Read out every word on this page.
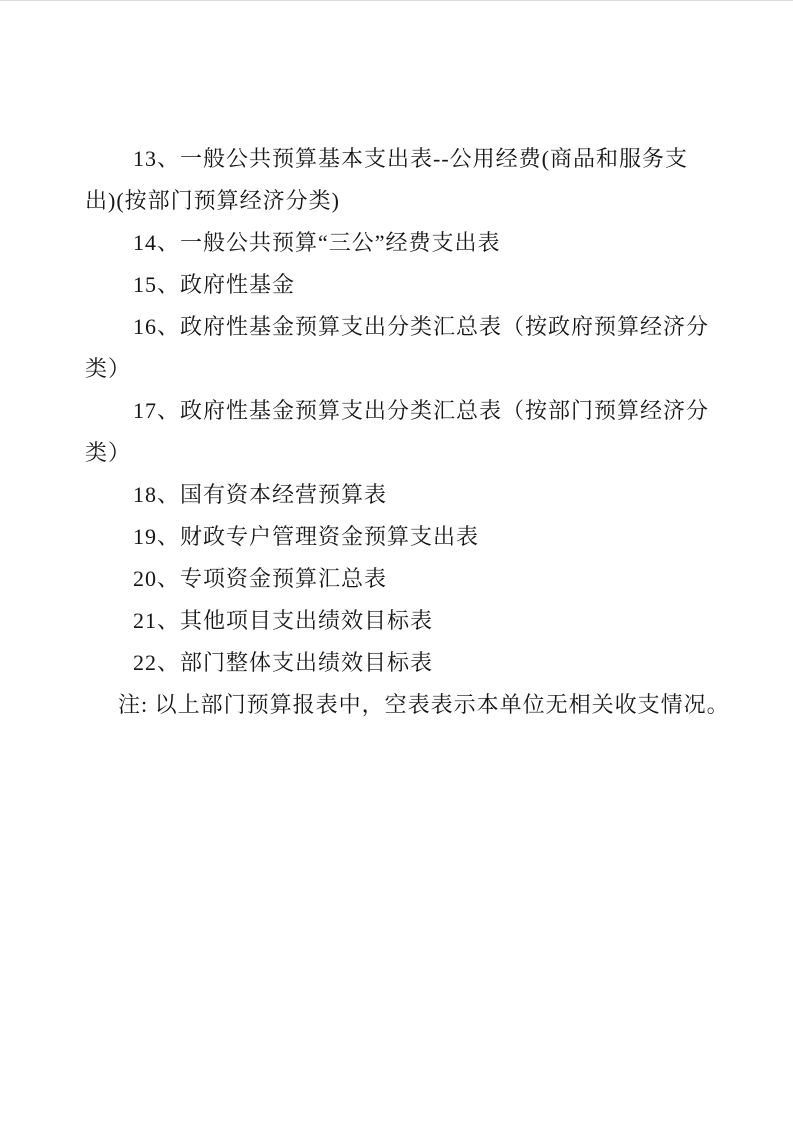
13、一般公共预算基本支出表--公用经费(商品和服务支
出)(按部门预算经济分类)
14、一般公共预算“三公”经费支出表
15、政府性基金
16、政府性基金预算支出分类汇总表（按政府预算经济分
类）
17、政府性基金预算支出分类汇总表（按部门预算经济分
类）
18、国有资本经营预算表
19、财政专户管理资金预算支出表
20、专项资金预算汇总表
21、其他项目支出绩效目标表
22、部门整体支出绩效目标表
注: 以上部门预算报表中，空表表示本单位无相关收支情况。
